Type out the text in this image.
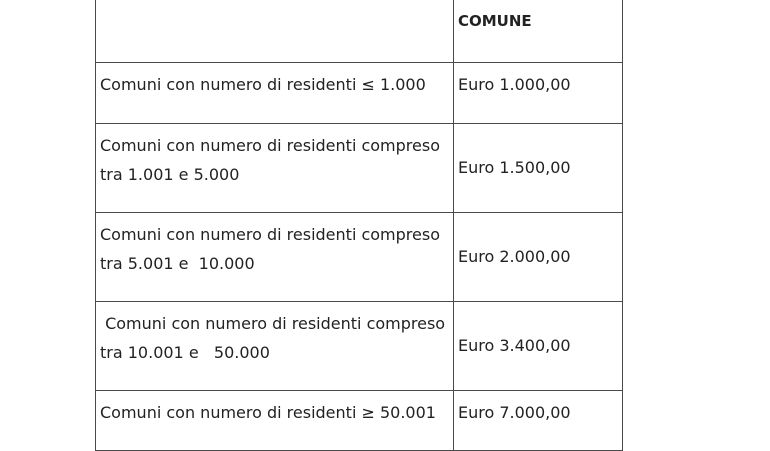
	COMUNE

Comuni con numero di residenti ≤ 1.000	Euro 1.000,00

Comuni con numero di residenti compreso tra 1.001 e 5.000	Euro 1.500,00

Comuni con numero di residenti compreso tra 5.001 e  10.000	Euro 2.000,00

Comuni con numero di residenti compreso tra 10.001 e   50.000	Euro 3.400,00

Comuni con numero di residenti ≥ 50.001	Euro 7.000,00
